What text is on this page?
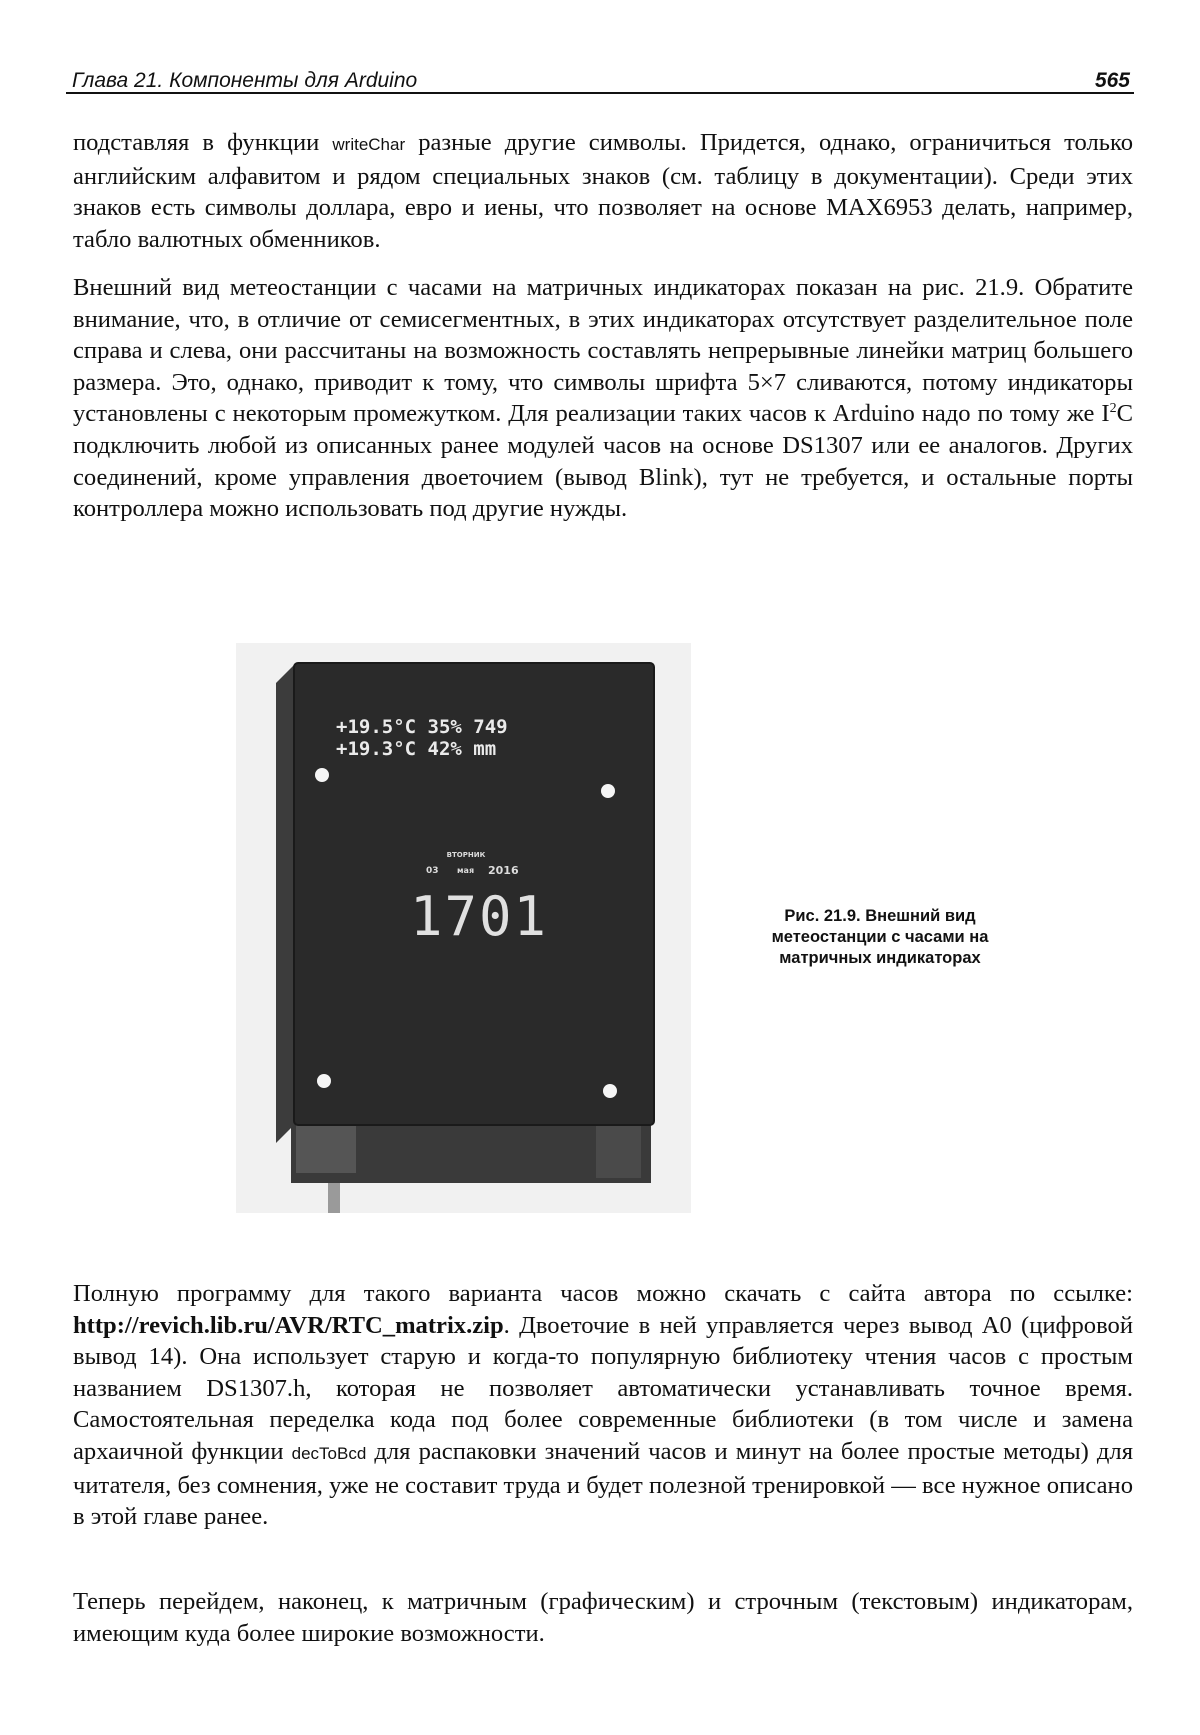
Глава 21. Компоненты для Arduino	565

подставляя в функции writeChar разные другие символы. Придется, однако, ограничиться только английским алфавитом и рядом специальных знаков (см. таблицу в документации). Среди этих знаков есть символы доллара, евро и иены, что позволяет на основе MAX6953 делать, например, табло валютных обменников.

Внешний вид метеостанции с часами на матричных индикаторах показан на рис. 21.9. Обратите внимание, что, в отличие от семисегментных, в этих индикаторах отсутствует разделительное поле справа и слева, они рассчитаны на возможность составлять непрерывные линейки матриц большего размера. Это, однако, приводит к тому, что символы шрифта 5×7 сливаются, потому индикаторы установлены с некоторым промежутком. Для реализации таких часов к Arduino надо по тому же $I^2C$ подключить любой из описанных ранее модулей часов на основе DS1307 или ее аналогов. Других соединений, кроме управления двоеточием (вывод Blink), тут не требуется, и остальные порты контроллера можно использовать под другие нужды.

+19.5°C 35% 749
+19.3°C 42% mm
ВТОРНИК
03 мая 2016
1701	Рис. 21.9. Внешний вид метеостанции с часами на матричных индикаторах

Полную программу для такого варианта часов можно скачать с сайта автора по ссылке: http://revich.lib.ru/AVR/RTC_matrix.zip. Двоеточие в ней управляется через вывод A0 (цифровой вывод 14). Она использует старую и когда-то популярную библиотеку чтения часов с простым названием DS1307.h, которая не позволяет автоматически устанавливать точное время. Самостоятельная переделка кода под более современные библиотеки (в том числе и замена архаичной функции decToBcd для распаковки значений часов и минут на более простые методы) для читателя, без сомнения, уже не составит труда и будет полезной тренировкой — все нужное описано в этой главе ранее.

Теперь перейдем, наконец, к матричным (графическим) и строчным (текстовым) индикаторам, имеющим куда более широкие возможности.
